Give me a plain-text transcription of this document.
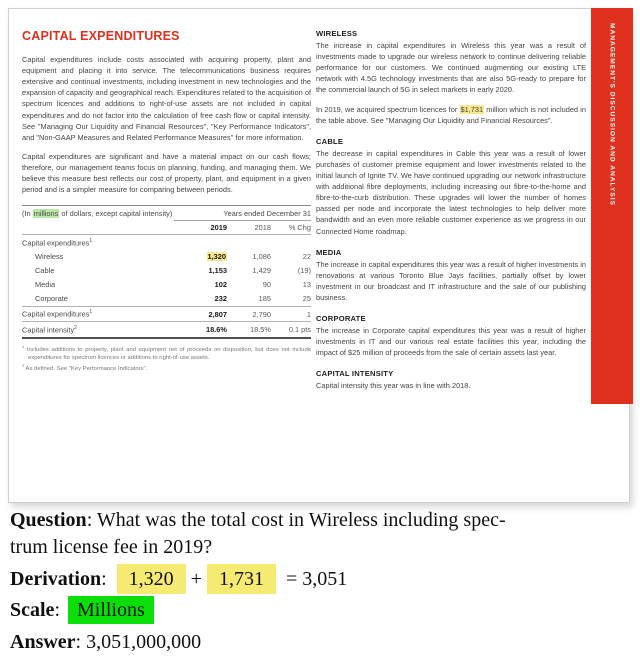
MANAGEMENT'S DISCUSSION AND ANALYSIS
CAPITAL EXPENDITURES

Capital expenditures include costs associated with acquiring property, plant and equipment and placing it into service. The telecommunications business requires extensive and continual investments, including investment in new technologies and the expansion of capacity and geographical reach. Expenditures related to the acquisition of spectrum licences and additions to right-of-use assets are not included in capital expenditures and do not factor into the calculation of free cash flow or capital intensity. See "Managing Our Liquidity and Financial Resources", "Key Performance Indicators", and "Non-GAAP Measures and Related Performance Measures" for more information.

Capital expenditures are significant and have a material impact on our cash flows; therefore, our management teams focus on planning, funding, and managing them. We believe this measure best reflects our cost of property, plant, and equipment in a given period and is a simpler measure for comparing between periods.

(In millions of dollars, except capital intensity)	Years ended December 31
2019	2018	% Chg
Capital expenditures$^1$
Wireless	1,320	1,086	22
Cable	1,153	1,429	(19)
Media	102	90	13
Corporate	232	185	25
Capital expenditures$^1$	2,807	2,790	1
Capital intensity$^2$	18.6%	18.5%	0.1 pts
$^1$ Includes additions to property, plant and equipment net of proceeds on disposition, but does not include expenditures for spectrum licences or additions to right-of-use assets.
$^2$ As defined. See "Key Performance Indicators".
WIRELESS

The increase in capital expenditures in Wireless this year was a result of investments made to upgrade our wireless network to continue delivering reliable performance for our customers. We continued augmenting our existing LTE network with 4.5G technology investments that are also 5G-ready to prepare for the commercial launch of 5G in select markets in early 2020.

In 2019, we acquired spectrum licences for $1,731 million which is not included in the table above. See "Managing Our Liquidity and Financial Resources".

CABLE

The decrease in capital expenditures in Cable this year was a result of lower purchases of customer premise equipment and lower investments related to the initial launch of Ignite TV. We have continued upgrading our network infrastructure with additional fibre deployments, including increasing our fibre-to-the-home and fibre-to-the-curb distribution. These upgrades will lower the number of homes passed per node and incorporate the latest technologies to help deliver more bandwidth and an even more reliable customer experience as we progress in our Connected Home roadmap.

MEDIA

The increase in capital expenditures this year was a result of higher investments in renovations at various Toronto Blue Jays facilities, partially offset by lower investment in our broadcast and IT infrastructure and the sale of our publishing business.

CORPORATE

The increase in Corporate capital expenditures this year was a result of higher investments in IT and our various real estate facilities this year, including the impact of $25 million of proceeds from the sale of certain assets last year.

CAPITAL INTENSITY

Capital intensity this year was in line with 2018.

Question: What was the total cost in Wireless including spec-
trum license fee in 2019?

Derivation: 1,320 + 1,731 = 3,051

Scale: Millions

Answer: 3,051,000,000
